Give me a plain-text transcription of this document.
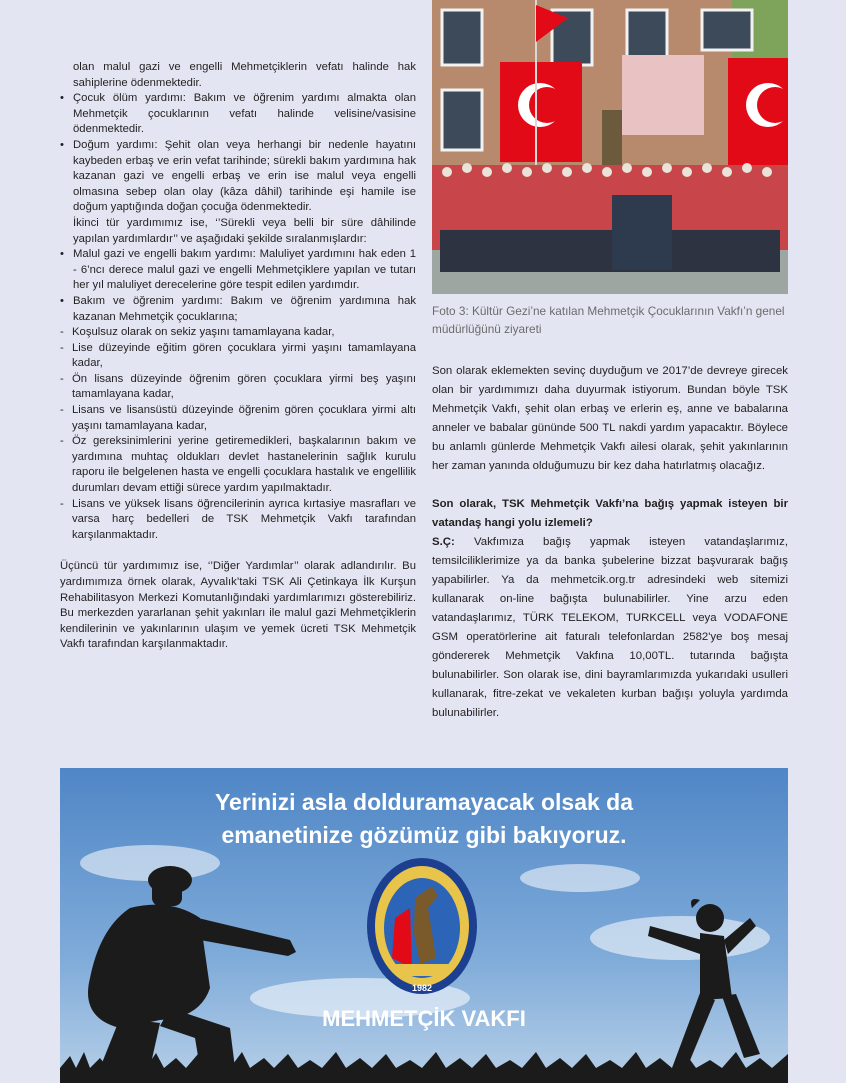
olan malul gazi ve engelli Mehmetçiklerin vefatı halinde hak sahiplerine ödenmektedir.

• Çocuk ölüm yardımı: Bakım ve öğrenim yardımı almakta olan Mehmetçik çocuklarının vefatı halinde velisine/vasisine ödenmektedir.
• Doğum yardımı: Şehit olan veya herhangi bir nedenle hayatını kaybeden erbaş ve erin vefat tarihinde; sürekli bakım yardımına hak kazanan gazi ve engelli erbaş ve erin ise malul veya engelli olmasına sebep olan olay (kâza dâhil) tarihinde eşi hamile ise doğum yaptığında doğan çocuğa ödenmektedir.

İkinci tür yardımımız ise, ‘’Sürekli veya belli bir süre dâhilinde yapılan yardımlardır’’ ve aşağıdaki şekilde sıralanmışlardır:

• Malul gazi ve engelli bakım yardımı: Maluliyet yardımını hak eden 1 - 6’ncı derece malul gazi ve engelli Mehmetçiklere yapılan ve tutarı her yıl maluliyet derecelerine göre tespit edilen yardımdır.
• Bakım ve öğrenim yardımı: Bakım ve öğrenim yardımına hak kazanan Mehmetçik çocuklarına;
- Koşulsuz olarak on sekiz yaşını tamamlayana kadar,
- Lise düzeyinde eğitim gören çocuklara yirmi yaşını tamamlayana kadar,
- Ön lisans düzeyinde öğrenim gören çocuklara yirmi beş yaşını tamamlayana kadar,
- Lisans ve lisansüstü düzeyinde öğrenim gören çocuklara yirmi altı yaşını tamamlayana kadar,
- Öz gereksinimlerini yerine getiremedikleri, başkalarının bakım ve yardımına muhtaç oldukları devlet hastanelerinin sağlık kurulu raporu ile belgelenen hasta ve engelli çocuklara hastalık ve engellilik durumları devam ettiği sürece yardım yapılmaktadır.
- Lisans ve yüksek lisans öğrencilerinin ayrıca kırtasiye masrafları ve varsa harç bedelleri de TSK Mehmetçik Vakfı tarafından karşılanmaktadır.

Üçüncü tür yardımımız ise, ‘’Diğer Yardımlar’’ olarak adlandırılır. Bu yardımımıza örnek olarak, Ayvalık’taki TSK Ali Çetinkaya İlk Kurşun Rehabilitasyon Merkezi Komutanlığındaki yardımlarımızı gösterebiliriz. Bu merkezden yararlanan şehit yakınları ile malul gazi Mehmetçiklerin kendilerinin ve yakınlarının ulaşım ve yemek ücreti TSK Mehmetçik Vakfı tarafından karşılanmaktadır.

Foto 3: Kültür Gezi’ne katılan Mehmetçik Çocuklarının Vakfı’n genel müdürlüğünü ziyareti

Son olarak eklemekten sevinç duyduğum ve 2017’de devreye girecek olan bir yardımımızı daha duyurmak istiyorum. Bundan böyle TSK Mehmetçik Vakfı, şehit olan erbaş ve erlerin eş, anne ve babalarına anneler ve babalar gününde 500 TL nakdi yardım yapacaktır. Böylece bu anlamlı günlerde Mehmetçik Vakfı ailesi olarak, şehit yakınlarının her zaman yanında olduğumuzu bir kez daha hatırlatmış olacağız.

Son olarak, TSK Mehmetçik Vakfı’na bağış yapmak isteyen bir vatandaş hangi yolu izlemeli?

S.Ç: Vakfımıza bağış yapmak isteyen vatandaşlarımız, temsilciliklerimize ya da banka şubelerine bizzat başvurarak bağış yapabilirler. Ya da mehmetcik.org.tr adresindeki web sitemizi kullanarak on-line bağışta bulunabilirler. Yine arzu eden vatandaşlarımız, TÜRK TELEKOM, TURKCELL veya VODAFONE GSM operatörlerine ait faturalı telefonlardan 2582'ye boş mesaj göndererek Mehmetçik Vakfına 10,00TL. tutarında bağışta bulunabilirler. Son olarak ise, dini bayramlarımızda yukarıdaki usulleri kullanarak, fitre-zekat ve vekaleten kurban bağışı yoluyla yardımda bulunabilirler.

Yerinizi asla dolduramayacak olsak da
emanetinize gözümüz gibi bakıyoruz.
1982
MEHMETÇİK VAKFI
